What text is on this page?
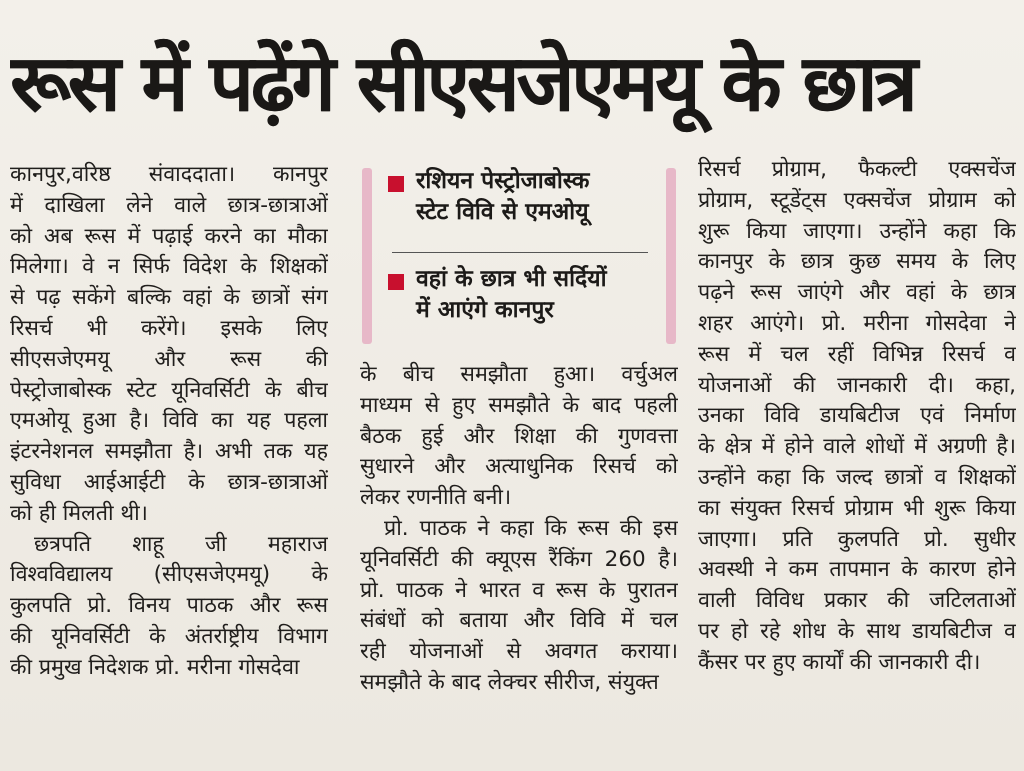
रूस में पढ़ेंगे सीएसजेएमयू के छात्र
कानपुर,वरिष्ठ संवाददाता। कानपुर
में दाखिला लेने वाले छात्र-छात्राओं
को अब रूस में पढ़ाई करने का मौका
मिलेगा। वे न सिर्फ विदेश के शिक्षकों
से पढ़ सकेंगे बल्कि वहां के छात्रों संग
रिसर्च भी करेंगे। इसके लिए
सीएसजेएमयू और रूस की
पेस्ट्रोजाबोस्क स्टेट यूनिवर्सिटी के बीच
एमओयू हुआ है। विवि का यह पहला
इंटरनेशनल समझौता है। अभी तक यह
सुविधा आईआईटी के छात्र-छात्राओं
को ही मिलती थी।
छत्रपति शाहू जी महाराज
विश्वविद्यालय (सीएसजेएमयू) के
कुलपति प्रो. विनय पाठक और रूस
की यूनिवर्सिटी के अंतर्राष्ट्रीय विभाग
की प्रमुख निदेशक प्रो. मरीना गोसदेवा
रशियन पेस्ट्रोजाबोस्क
स्टेट विवि से एमओयू
वहां के छात्र भी सर्दियों
में आएंगे कानपुर
के बीच समझौता हुआ। वर्चुअल
माध्यम से हुए समझौते के बाद पहली
बैठक हुई और शिक्षा की गुणवत्ता
सुधारने और अत्याधुनिक रिसर्च को
लेकर रणनीति बनी।
प्रो. पाठक ने कहा कि रूस की इस
यूनिवर्सिटी की क्यूएस रैंकिंग 260 है।
प्रो. पाठक ने भारत व रूस के पुरातन
संबंधों को बताया और विवि में चल
रही योजनाओं से अवगत कराया।
समझौते के बाद लेक्चर सीरीज, संयुक्त
रिसर्च प्रोग्राम, फैकल्टी एक्सचेंज
प्रोग्राम, स्टूडेंट्स एक्सचेंज प्रोग्राम को
शुरू किया जाएगा। उन्होंने कहा कि
कानपुर के छात्र कुछ समय के लिए
पढ़ने रूस जाएंगे और वहां के छात्र
शहर आएंगे। प्रो. मरीना गोसदेवा ने
रूस में चल रहीं विभिन्न रिसर्च व
योजनाओं की जानकारी दी। कहा,
उनका विवि डायबिटीज एवं निर्माण
के क्षेत्र में होने वाले शोधों में अग्रणी है।
उन्होंने कहा कि जल्द छात्रों व शिक्षकों
का संयुक्त रिसर्च प्रोग्राम भी शुरू किया
जाएगा। प्रति कुलपति प्रो. सुधीर
अवस्थी ने कम तापमान के कारण होने
वाली विविध प्रकार की जटिलताओं
पर हो रहे शोध के साथ डायबिटीज व
कैंसर पर हुए कार्यों की जानकारी दी।
